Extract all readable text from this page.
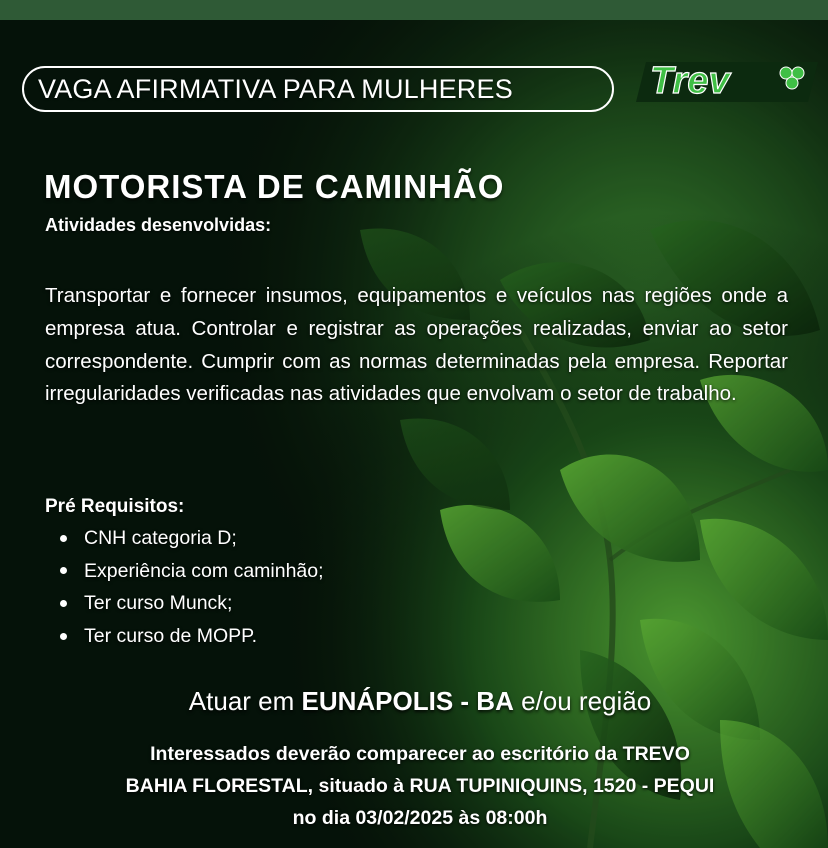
VAGA AFIRMATIVA PARA MULHERES	Trev
MOTORISTA DE CAMINHÃO
Atividades desenvolvidas:
Transportar e fornecer insumos, equipamentos e veículos nas regiões onde a empresa atua. Controlar e registrar as operações realizadas, enviar ao setor correspondente. Cumprir com as normas determinadas pela empresa. Reportar irregularidades verificadas nas atividades que envolvam o setor de trabalho.
Pré Requisitos:
CNH categoria D;
Experiência com caminhão;
Ter curso Munck;
Ter curso de MOPP.
Atuar em EUNÁPOLIS - BA e/ou região
Interessados deverão comparecer ao escritório da TREVO
BAHIA FLORESTAL, situado à RUA TUPINIQUINS, 1520 - PEQUI
no dia 03/02/2025 às 08:00h
